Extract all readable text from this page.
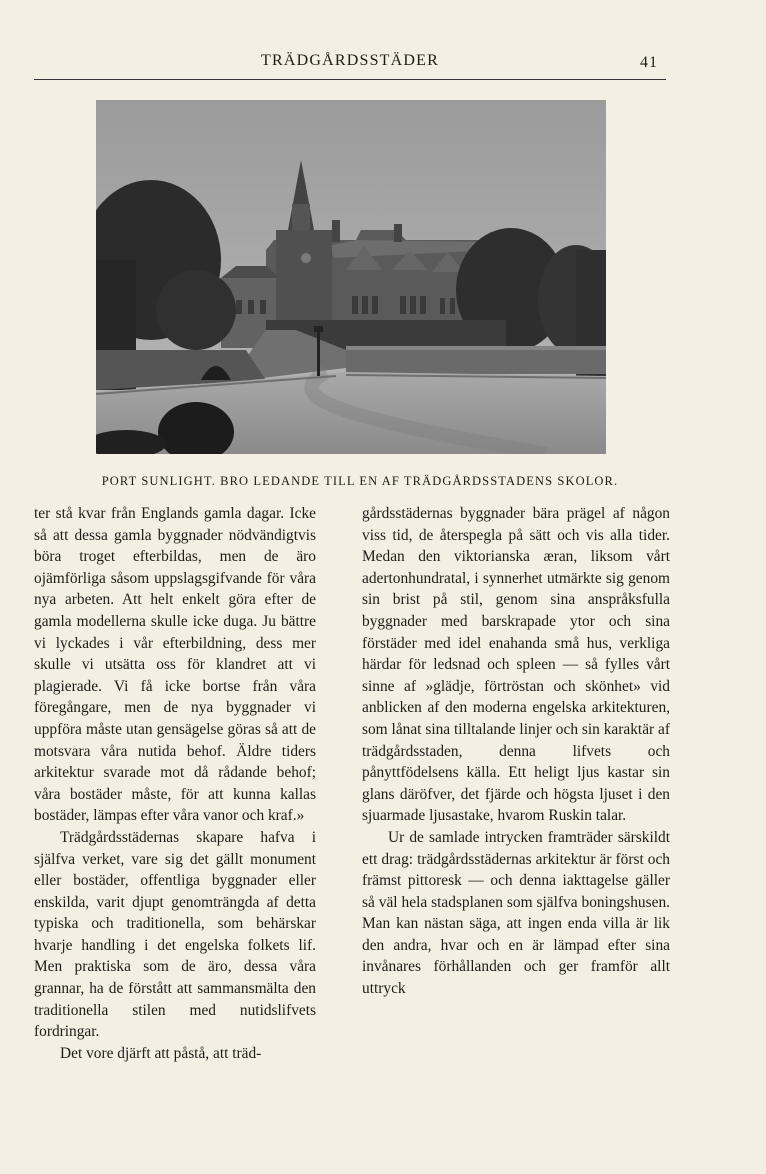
TRÄDGÅRDSSTÄDER	41
PORT SUNLIGHT. BRO LEDANDE TILL EN AF TRÄDGÅRDSSTADENS SKOLOR.

ter stå kvar från Englands gamla dagar. Icke så att dessa gamla byggnader nödvändigtvis böra troget efterbildas, men de äro ojämförliga såsom uppslagsgifvande för våra nya arbeten. Att helt enkelt göra efter de gamla modellerna skulle icke duga. Ju bättre vi lyckades i vår efterbildning, dess mer skulle vi utsätta oss för klandret att vi plagierade. Vi få icke bortse från våra föregångare, men de nya byggnader vi uppföra måste utan gensägelse göras så att de motsvara våra nutida behof. Äldre tiders arkitektur svarade mot då rådande behof; våra bostäder måste, för att kunna kallas bostäder, lämpas efter våra vanor och kraf.»

Trädgårdsstädernas skapare hafva i själfva verket, vare sig det gällt monument eller bostäder, offentliga byggnader eller enskilda, varit djupt genomträngda af detta typiska och traditionella, som behärskar hvarje handling i det engelska folkets lif. Men praktiska som de äro, dessa våra grannar, ha de förstått att sammansmälta den traditionella stilen med nutidslifvets fordringar.

Det vore djärft att påstå, att träd-

gårdsstädernas byggnader bära prägel af någon viss tid, de återspegla på sätt och vis alla tider. Medan den viktorianska æran, liksom vårt adertonhundratal, i synnerhet utmärkte sig genom sin brist på stil, genom sina anspråksfulla byggnader med barskrapade ytor och sina förstäder med idel enahanda små hus, verkliga härdar för ledsnad och spleen — så fylles vårt sinne af »glädje, förtröstan och skönhet» vid anblicken af den moderna engelska arkitekturen, som lånat sina tilltalande linjer och sin karaktär af trädgårdsstaden, denna lifvets och pånyttfödelsens källa. Ett heligt ljus kastar sin glans däröfver, det fjärde och högsta ljuset i den sjuarmade ljusastake, hvarom Ruskin talar.

Ur de samlade intrycken framträder särskildt ett drag: trädgårdsstädernas arkitektur är först och främst pittoresk — och denna iakttagelse gäller så väl hela stadsplanen som själfva boningshusen. Man kan nästan säga, att ingen enda villa är lik den andra, hvar och en är lämpad efter sina invånares förhållanden och ger framför allt uttryck
